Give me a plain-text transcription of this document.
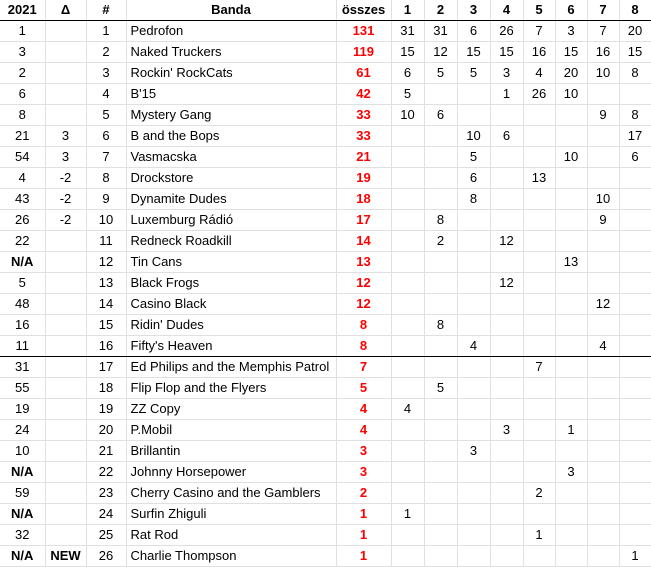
2021	Δ	#	Banda	összes	1	2	3	4	5	6	7	8
1		1	Pedrofon	131	31	31	6	26	7	3	7	20
3		2	Naked Truckers	119	15	12	15	15	16	15	16	15
2		3	Rockin' RockCats	61	6	5	5	3	4	20	10	8
6		4	B'15	42	5			1	26	10		
8		5	Mystery Gang	33	10	6					9	8
21	3	6	B and the Bops	33			10	6				17
54	3	7	Vasmacska	21			5			10		6
4	-2	8	Drockstore	19			6		13			
43	-2	9	Dynamite Dudes	18			8				10	
26	-2	10	Luxemburg Rádió	17		8					9	
22		11	Redneck Roadkill	14		2		12				
N/A		12	Tin Cans	13						13		
5		13	Black Frogs	12				12				
48		14	Casino Black	12							12	
16		15	Ridin' Dudes	8		8						
11		16	Fifty's Heaven	8			4				4	
31		17	Ed Philips and the Memphis Patrol	7					7			
55		18	Flip Flop and the Flyers	5		5						
19		19	ZZ Copy	4	4							
24		20	P.Mobil	4				3		1		
10		21	Brillantin	3			3					
N/A		22	Johnny Horsepower	3						3		
59		23	Cherry Casino and the Gamblers	2					2			
N/A		24	Surfin Zhiguli	1	1							
32		25	Rat Rod	1					1			
N/A	NEW	26	Charlie Thompson	1								1
